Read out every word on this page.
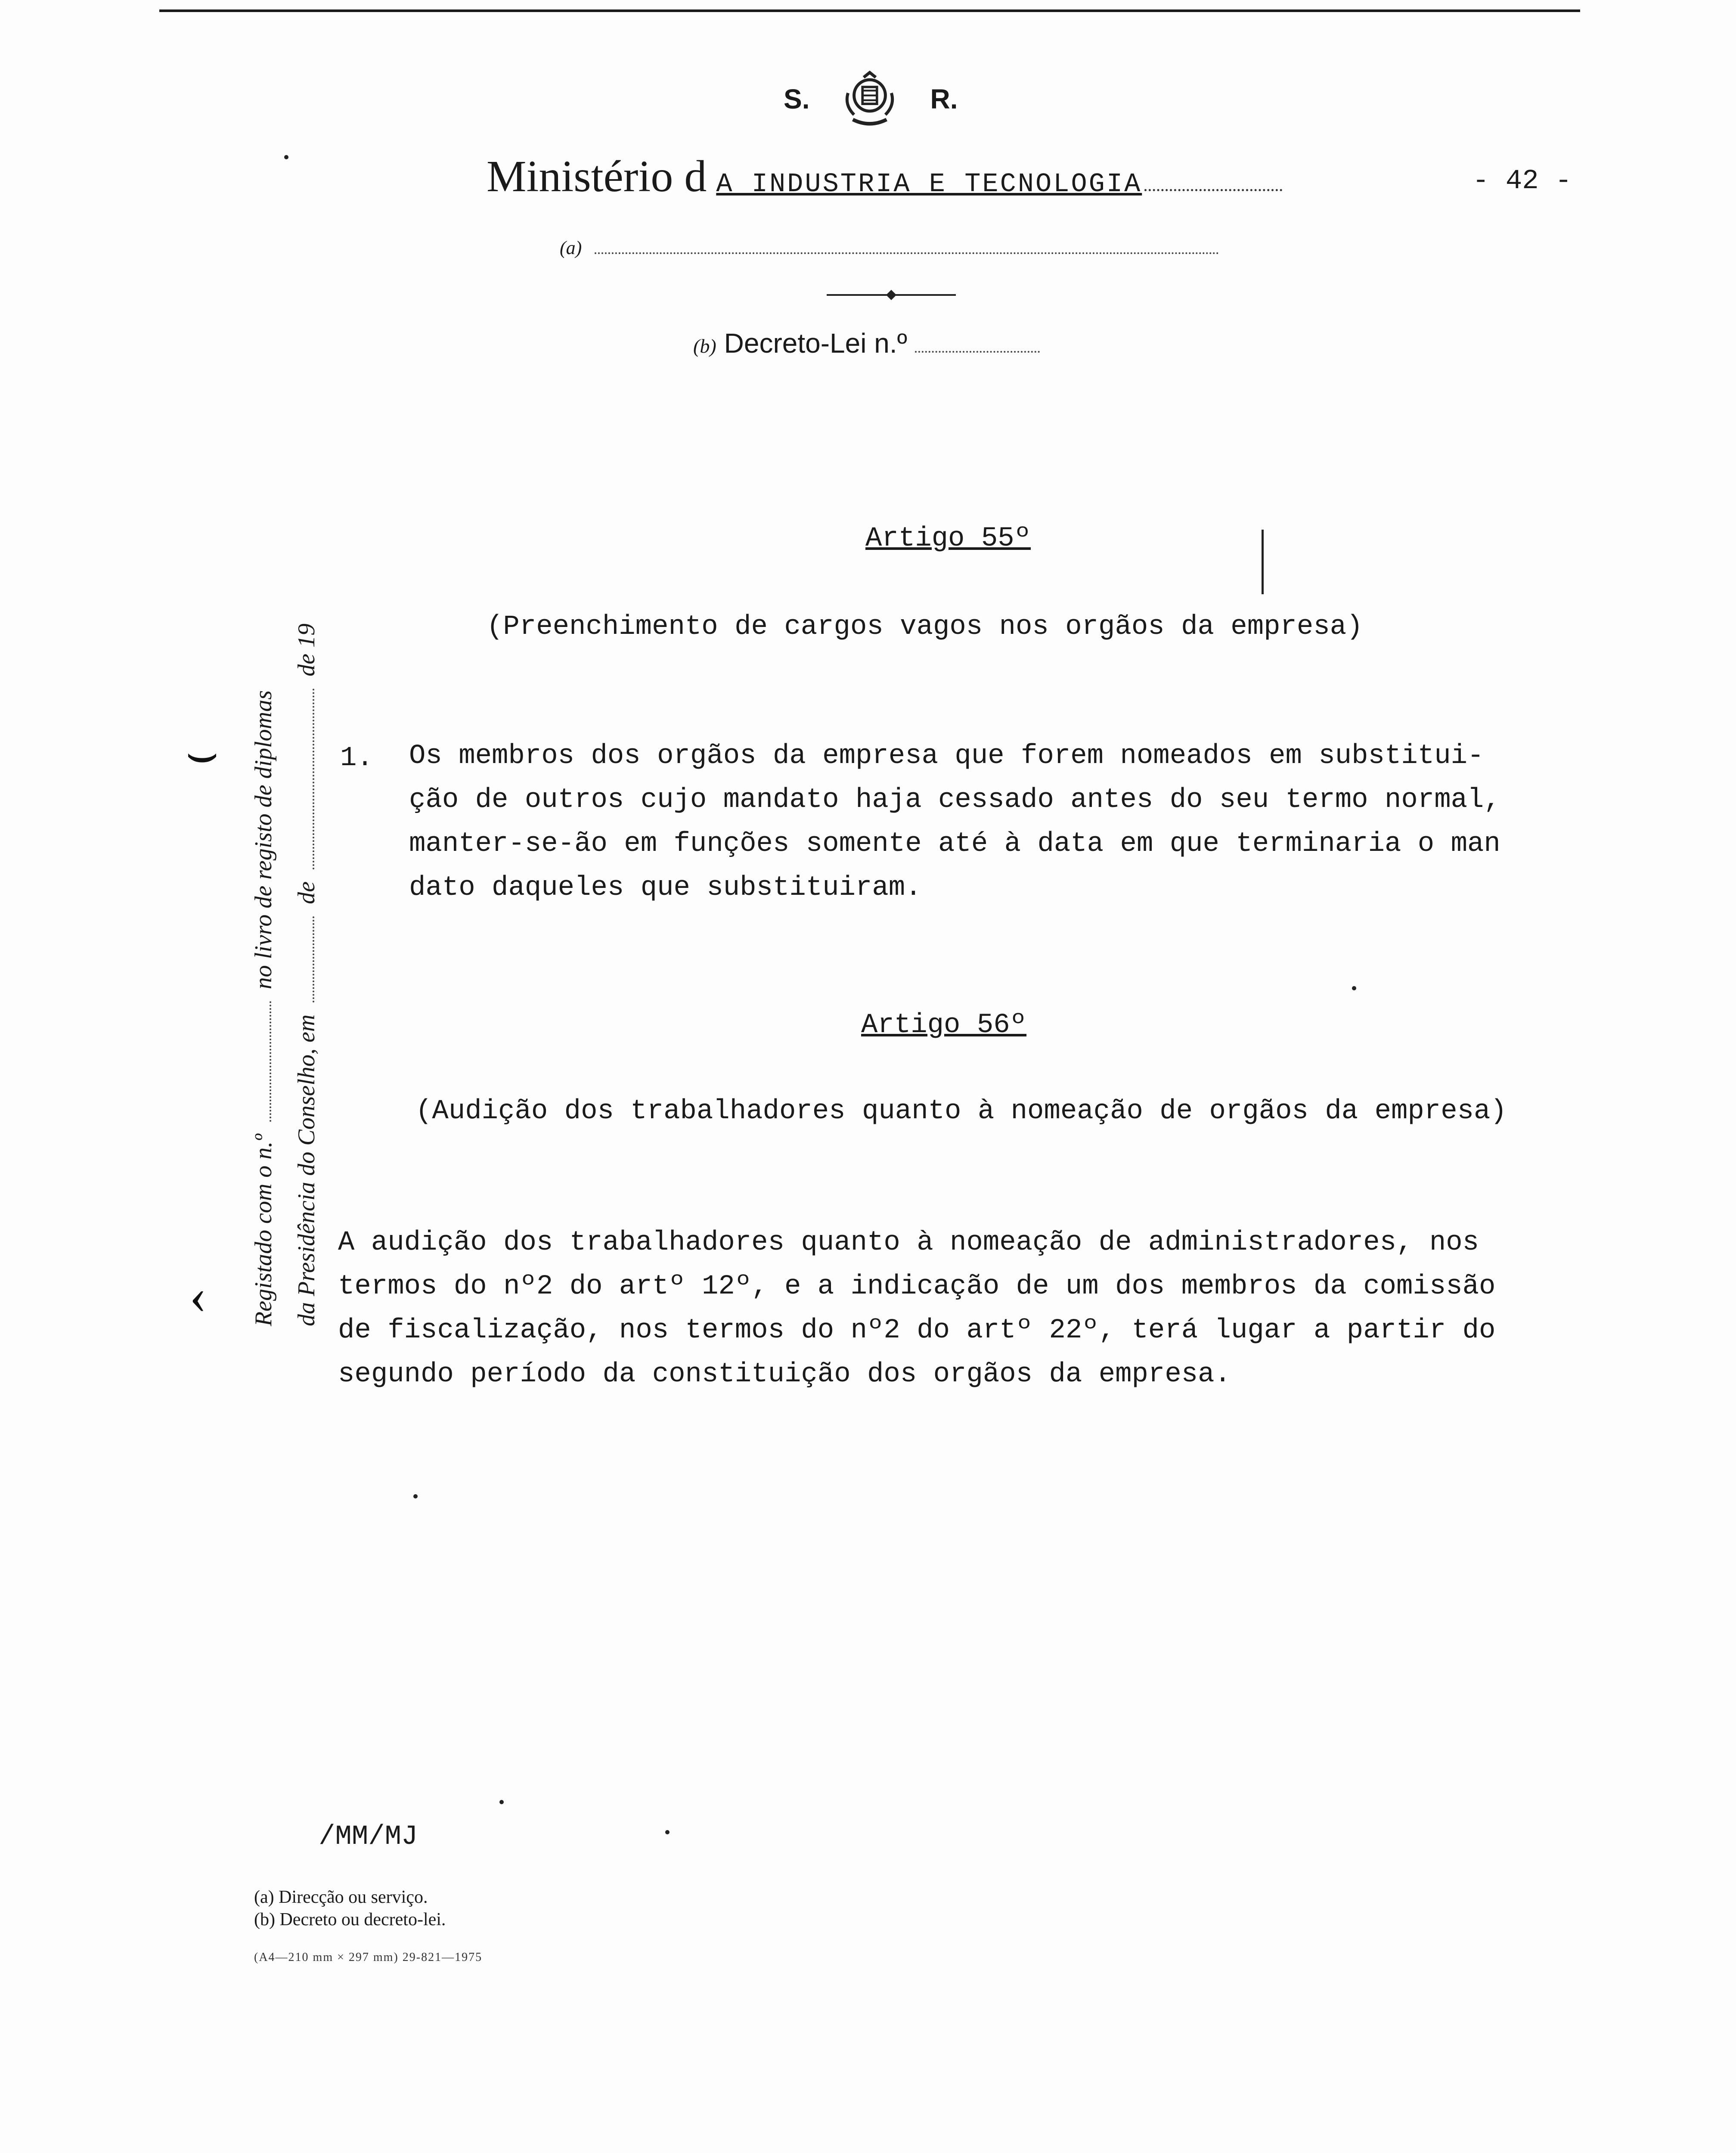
S.	R.
Ministério d A INDUSTRIA E TECNOLOGIA	- 42 -
(a)
(b) Decreto-Lei n.º
Registado com o n.º  no livro de registo de diplomas
da Presidência do Conselho, em  de  de 19
⌣
‹
Artigo 55º
(Preenchimento de cargos vagos nos orgãos da empresa)
1. Os membros dos orgãos da empresa que forem nomeados em substitui-
ção de outros cujo mandato haja cessado antes do seu termo normal,
manter-se-ão em funções somente até à data em que terminaria o man
dato daqueles que substituiram.
Artigo 56º
(Audição dos trabalhadores quanto à nomeação de orgãos da empresa)
A audição dos trabalhadores quanto à nomeação de administradores, nos
termos do nº2 do artº 12º, e a indicação de um dos membros da comissão
de fiscalização, nos termos do nº2 do artº 22º, terá lugar a partir do
segundo período da constituição dos orgãos da empresa.
/MM/MJ
(a) Direcção ou serviço.
(b) Decreto ou decreto-lei.
(A4—210 mm × 297 mm) 29-821—1975
